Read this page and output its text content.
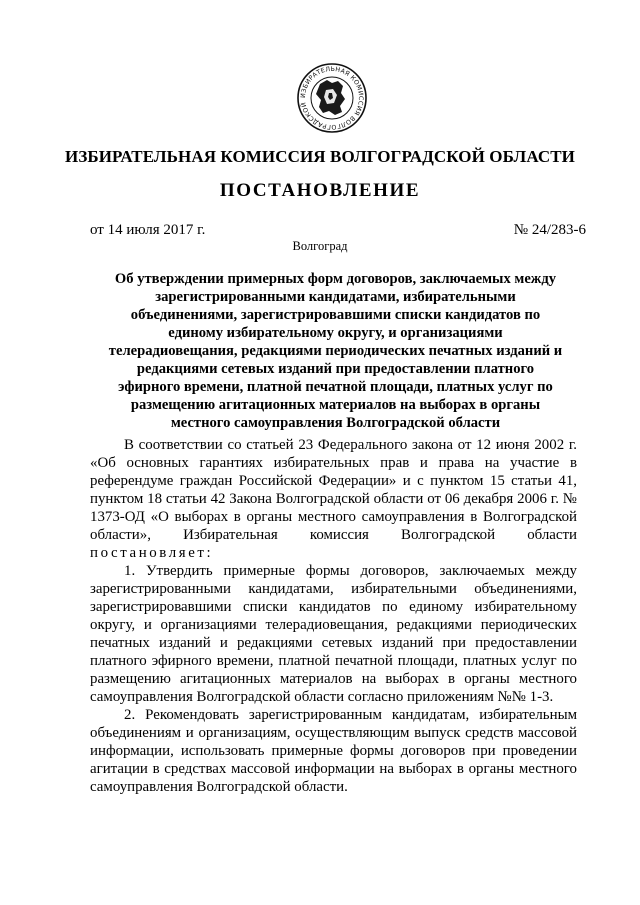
ИЗБИРАТЕЛЬНАЯ КОМИССИЯ ВОЛГОГРАДСКОЙ
ИЗБИРАТЕЛЬНАЯ КОМИССИЯ ВОЛГОГРАДСКОЙ ОБЛАСТИ
ПОСТАНОВЛЕНИЕ
от 14 июля 2017 г.	№ 24/283-6
Волгоград
Об утверждении примерных форм договоров, заключаемых между зарегистрированными кандидатами, избирательными объединениями, зарегистрировавшими списки кандидатов по единому избирательному округу, и организациями телерадиовещания, редакциями периодических печатных изданий и редакциями сетевых изданий при предоставлении платного эфирного времени, платной печатной площади, платных услуг по размещению агитационных материалов на выборах в органы местного самоуправления Волгоградской области

В соответствии со статьей 23 Федерального закона от 12 июня 2002 г. «Об основных гарантиях избирательных прав и права на участие в референдуме граждан Российской Федерации» и с пунктом 15 статьи 41, пунктом 18 статьи 42 Закона Волгоградской области от 06 декабря 2006 г. № 1373-ОД «О выборах в органы местного самоуправления в Волгоградской области», Избирательная комиссия Волгоградской области постановляет:

1. Утвердить примерные формы договоров, заключаемых между зарегистрированными кандидатами, избирательными объединениями, зарегистрировавшими списки кандидатов по единому избирательному округу, и организациями телерадиовещания, редакциями периодических печатных изданий и редакциями сетевых изданий при предоставлении платного эфирного времени, платной печатной площади, платных услуг по размещению агитационных материалов на выборах в органы местного самоуправления Волгоградской области согласно приложениям №№ 1-3.

2. Рекомендовать зарегистрированным кандидатам, избирательным объединениям и организациям, осуществляющим выпуск средств массовой информации, использовать примерные формы договоров при проведении агитации в средствах массовой информации на выборах в органы местного самоуправления Волгоградской области.
